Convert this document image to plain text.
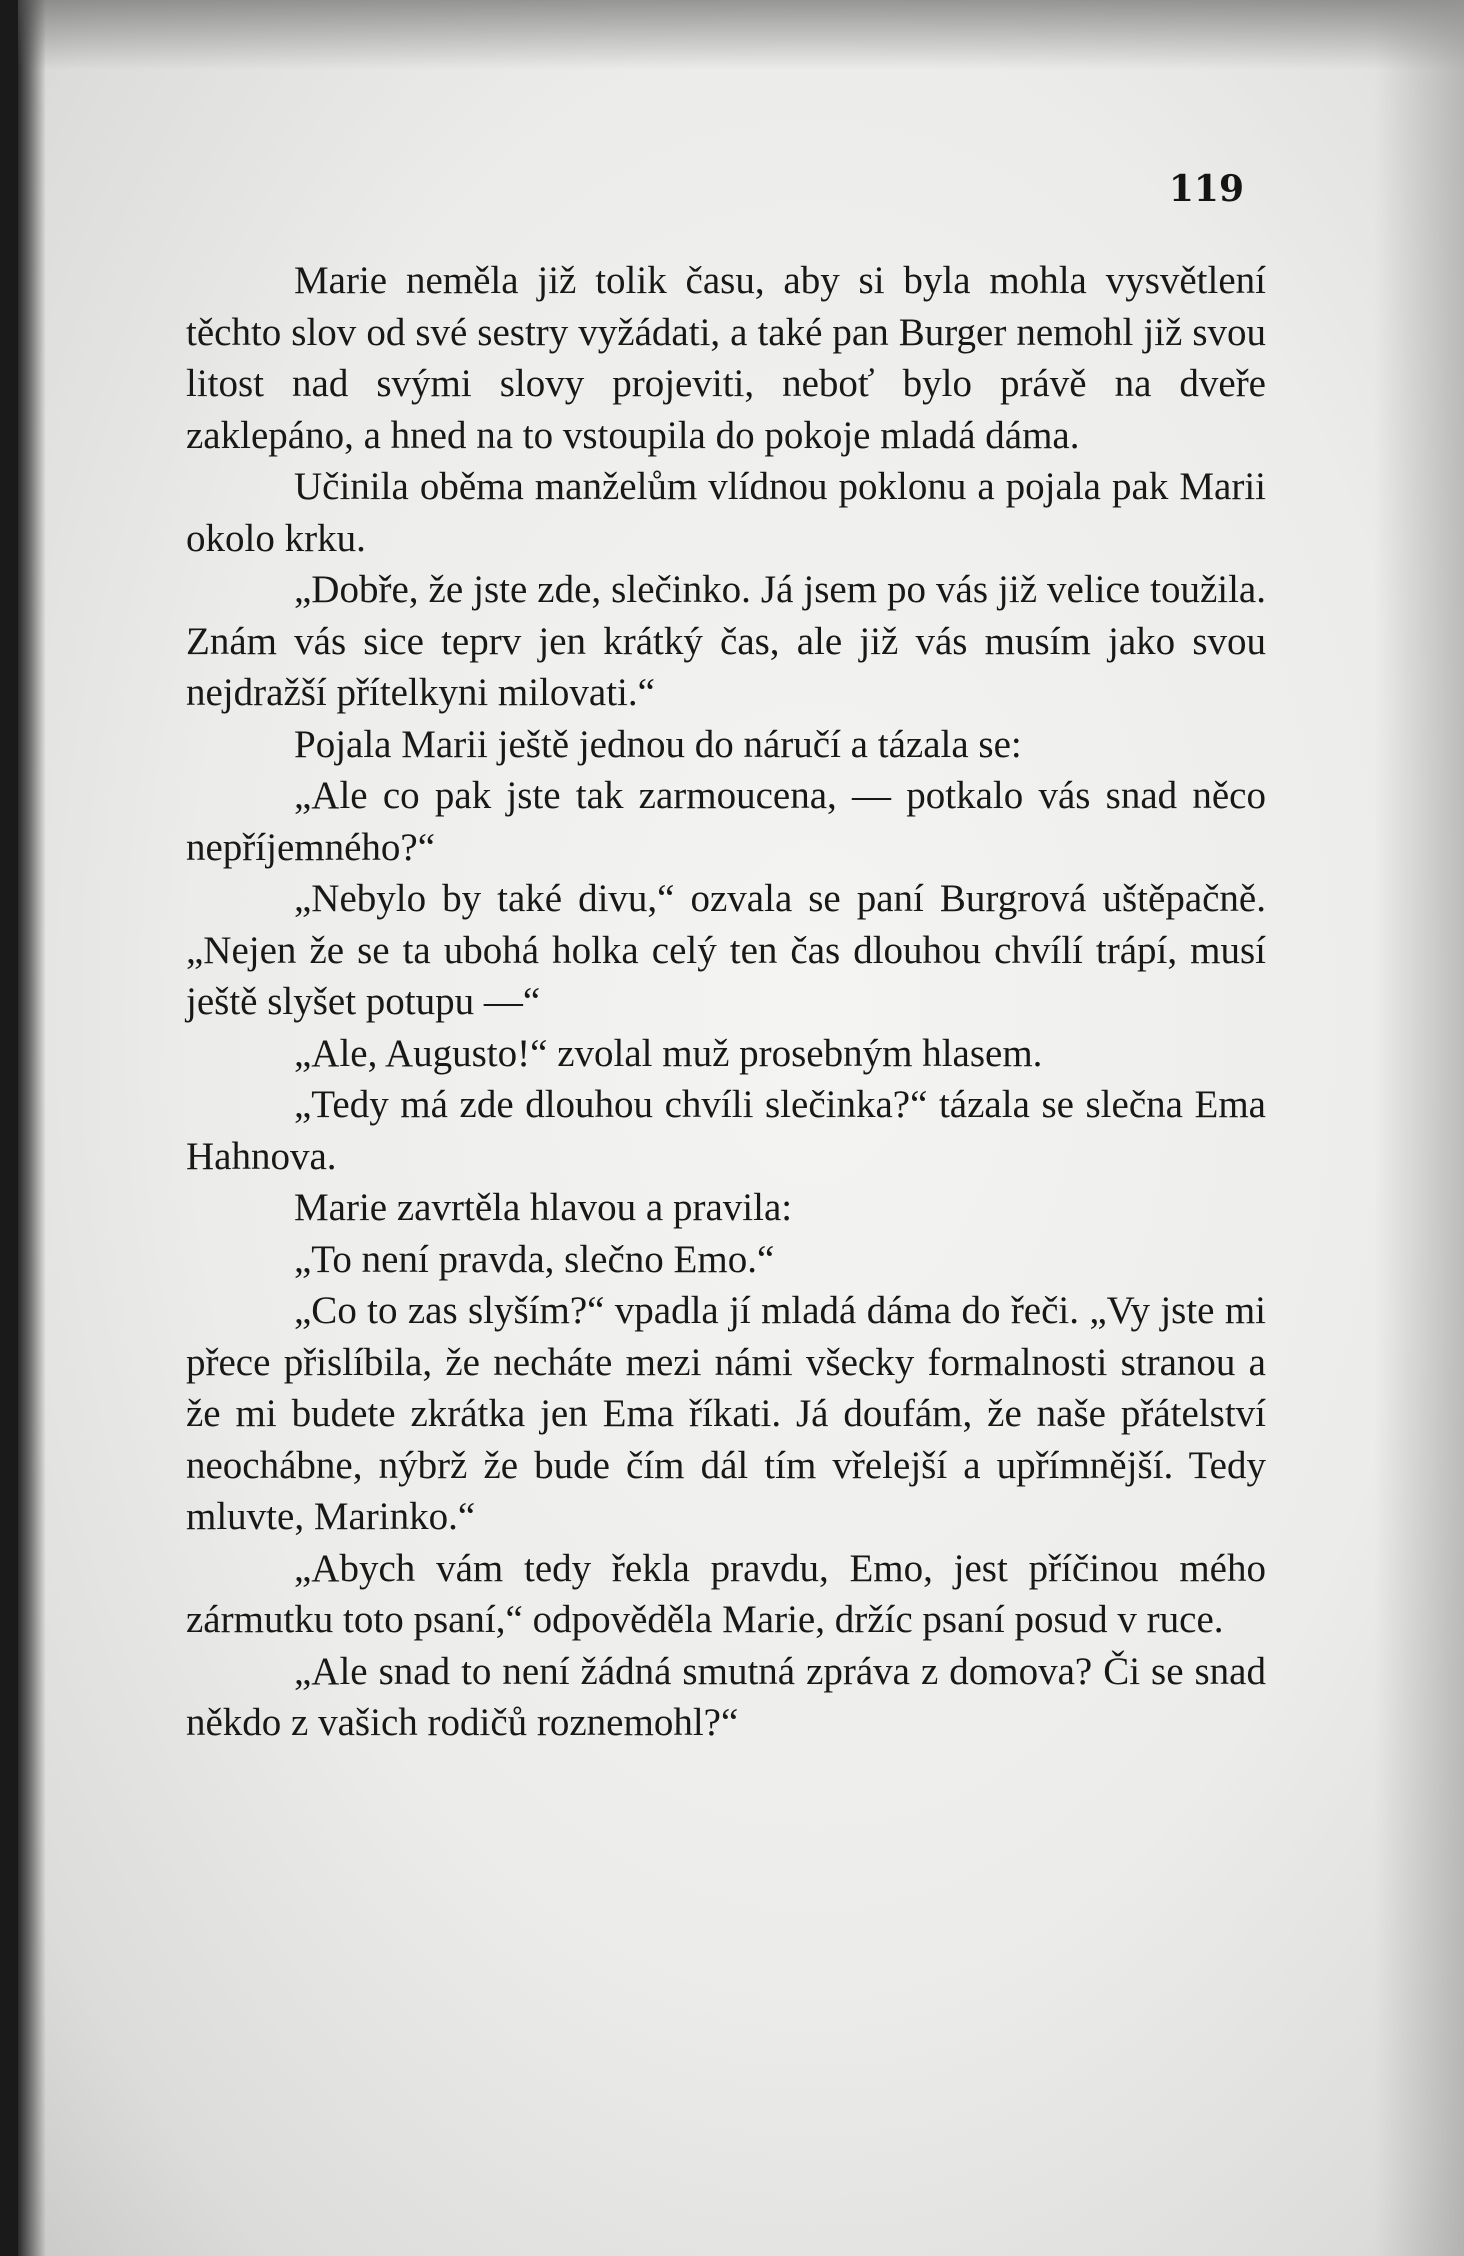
119

Marie neměla již tolik času, aby si byla mohla vysvětlení těchto slov od své sestry vyžádati, a také pan Burger nemohl již svou litost nad svými slovy projeviti, neboť bylo právě na dveře zaklepáno, a hned na to vstoupila do pokoje mladá dáma.

Učinila oběma manželům vlídnou poklonu a pojala pak Marii okolo krku.

„Dobře, že jste zde, slečinko. Já jsem po vás již velice toužila. Znám vás sice teprv jen krátký čas, ale již vás musím jako svou nejdražší přítelkyni milovati.“

Pojala Marii ještě jednou do náručí a tázala se:

„Ale co pak jste tak zarmoucena, — potkalo vás snad něco nepříjemného?“

„Nebylo by také divu,“ ozvala se paní Burgrová uštěpačně. „Nejen že se ta ubohá holka celý ten čas dlouhou chvílí trápí, musí ještě slyšet potupu —“

„Ale, Augusto!“ zvolal muž prosebným hlasem.

„Tedy má zde dlouhou chvíli slečinka?“ tázala se slečna Ema Hahnova.

Marie zavrtěla hlavou a pravila:

„To není pravda, slečno Emo.“

„Co to zas slyším?“ vpadla jí mladá dáma do řeči. „Vy jste mi přece přislíbila, že necháte mezi námi všecky formalnosti stranou a že mi budete zkrátka jen Ema říkati. Já doufám, že naše přátelství neochábne, nýbrž že bude čím dál tím vřelejší a upřímnější. Tedy mluvte, Marinko.“

„Abych vám tedy řekla pravdu, Emo, jest příčinou mého zármutku toto psaní,“ odpověděla Marie, držíc psaní posud v ruce.

„Ale snad to není žádná smutná zpráva z domova? Či se snad někdo z vašich rodičů roznemohl?“
